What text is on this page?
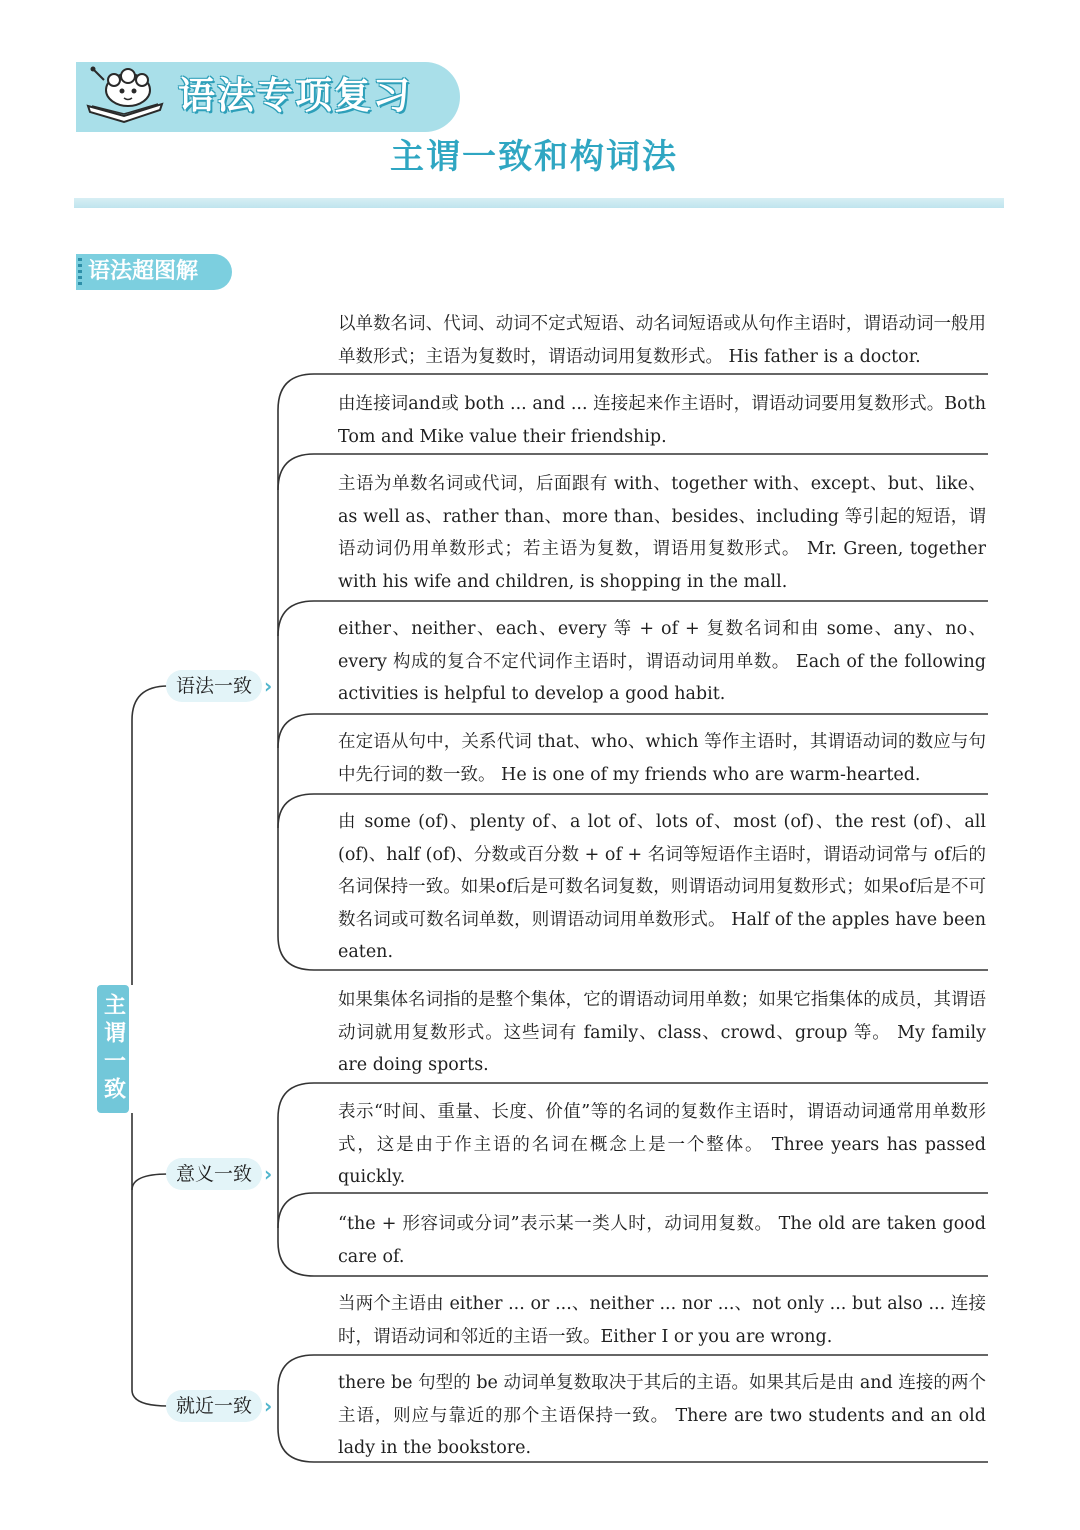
语法专项复习
主谓一致和构词法
语法超图解
主谓一致
语法一致 ›
意义一致 ›
就近一致 ›

以单数名词、代词、动词不定式短语、动名词短语或从句作主语时，谓语动词一般用单数形式；主语为复数时，谓语动词用复数形式。 His father is a doctor.

由连接词and或 both ... and ... 连接起来作主语时，谓语动词要用复数形式。Both Tom and Mike value their friendship.

主语为单数名词或代词，后面跟有 with、together with、except、but、like、as well as、rather than、more than、besides、including 等引起的短语，谓语动词仍用单数形式；若主语为复数，谓语用复数形式。 Mr. Green, together with his wife and children, is shopping in the mall.

either、neither、each、every 等 + of + 复数名词和由 some、any、no、every 构成的复合不定代词作主语时，谓语动词用单数。 Each of the following activities is helpful to develop a good habit.

在定语从句中，关系代词 that、who、which 等作主语时，其谓语动词的数应与句中先行词的数一致。 He is one of my friends who are warm-hearted.

由 some (of)、plenty of、a lot of、lots of、most (of)、the rest (of)、all (of)、half (of)、分数或百分数 + of + 名词等短语作主语时，谓语动词常与 of后的名词保持一致。如果of后是可数名词复数，则谓语动词用复数形式；如果of后是不可数名词或可数名词单数，则谓语动词用单数形式。 Half of the apples have been eaten.

如果集体名词指的是整个集体，它的谓语动词用单数；如果它指集体的成员，其谓语动词就用复数形式。这些词有 family、class、crowd、group 等。 My family are doing sports.

表示“时间、重量、长度、价值”等的名词的复数作主语时，谓语动词通常用单数形式，这是由于作主语的名词在概念上是一个整体。 Three years has passed quickly.

“the + 形容词或分词”表示某一类人时，动词用复数。 The old are taken good care of.

当两个主语由 either ... or ...、neither ... nor ...、not only ... but also ... 连接时，谓语动词和邻近的主语一致。Either I or you are wrong.

there be 句型的 be 动词单复数取决于其后的主语。如果其后是由 and 连接的两个主语，则应与靠近的那个主语保持一致。 There are two students and an old lady in the bookstore.
